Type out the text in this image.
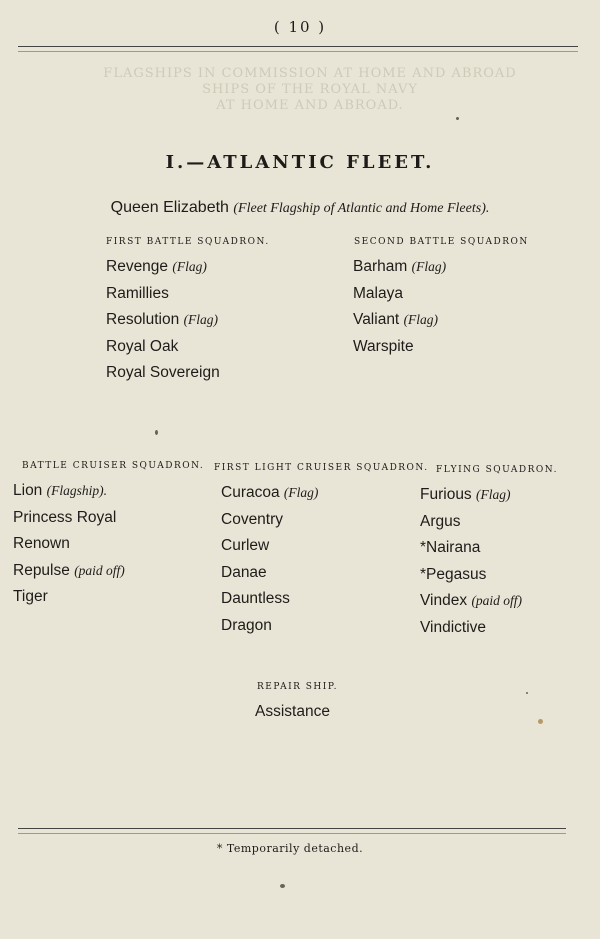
( 10 )
FLAGSHIPS IN COMMISSION AT HOME AND ABROAD
SHIPS OF THE ROYAL NAVY
AT HOME AND ABROAD.
I.—ATLANTIC FLEET.
Queen Elizabeth (Fleet Flagship of Atlantic and Home Fleets).
FIRST BATTLE SQUADRON.
Revenge (Flag)
Ramillies
Resolution (Flag)
Royal Oak
Royal Sovereign
SECOND BATTLE SQUADRON
Barham (Flag)
Malaya
Valiant (Flag)
Warspite
BATTLE CRUISER SQUADRON.
Lion (Flagship).
Princess Royal
Renown
Repulse (paid off)
Tiger
FIRST LIGHT CRUISER SQUADRON.
Curacoa (Flag)
Coventry
Curlew
Danae
Dauntless
Dragon
FLYING SQUADRON.
Furious (Flag)
Argus
*Nairana
*Pegasus
Vindex (paid off)
Vindictive
REPAIR SHIP.
Assistance
* Temporarily detached.
